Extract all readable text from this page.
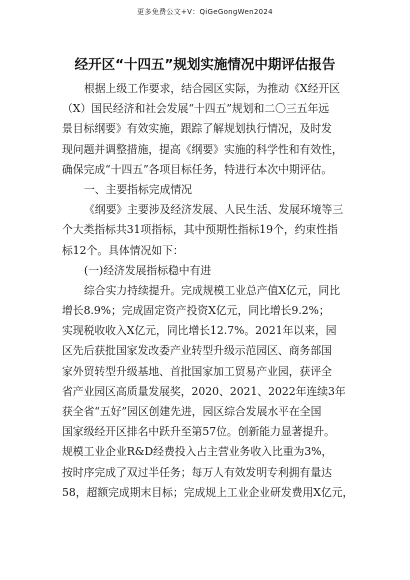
更多免费公文+V：QiGeGongWen2024
经开区“十四五”规划实施情况中期评估报告
根据上级工作要求，结合园区实际，为推动《X经开区
（X）国民经济和社会发展“十四五”规划和二〇三五年远
景目标纲要》有效实施，跟踪了解规划执行情况，及时发
现问题并调整措施，提高《纲要》实施的科学性和有效性，
确保完成“十四五”各项目标任务，特进行本次中期评估。
一、主要指标完成情况
《纲要》主要涉及经济发展、人民生活、发展环境等三
个大类指标共31项指标，其中预期性指标19个，约束性指
标12个。具体情况如下：
(一)经济发展指标稳中有进
综合实力持续提升。完成规模工业总产值X亿元，同比
增长8.9%；完成固定资产投资X亿元，同比增长9.2%；
实现税收收入X亿元，同比增长12.7%。2021年以来，园
区先后获批国家发改委产业转型升级示范园区、商务部国
家外贸转型升级基地、首批国家加工贸易产业园，获评全
省产业园区高质量发展奖，2020、2021、2022年连续3年
获全省“五好”园区创建先进，园区综合发展水平在全国
国家级经开区排名中跃升至第57位。创新能力显著提升。
规模工业企业R&D经费投入占主营业务收入比重为3%，
按时序完成了双过半任务；每万人有效发明专利拥有量达
58，超额完成期末目标；完成规上工业企业研发费用X亿元，
